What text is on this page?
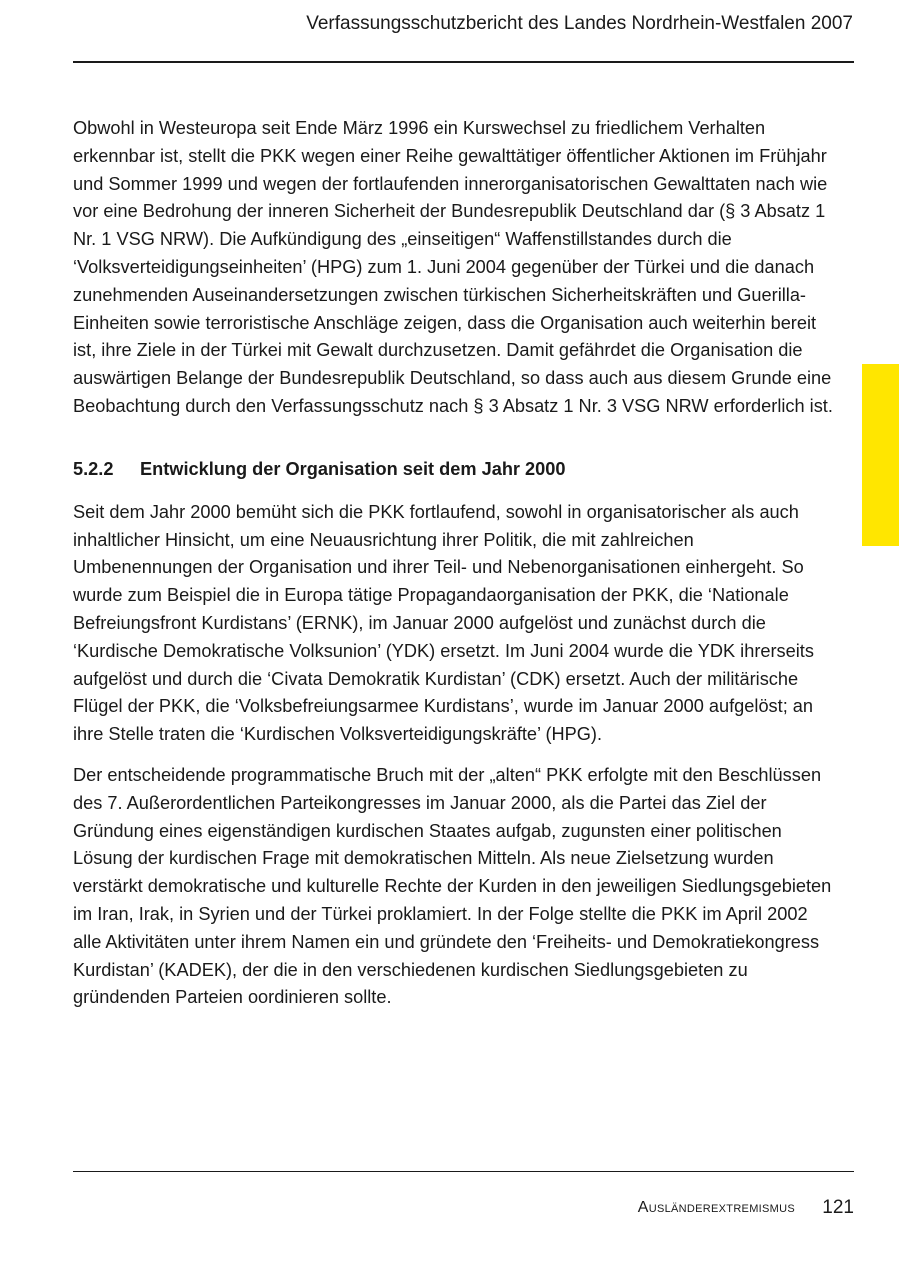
Verfassungsschutzbericht des Landes Nordrhein-Westfalen 2007

Obwohl in Westeuropa seit Ende März 1996 ein Kurswechsel zu friedlichem Verhalten erkennbar ist, stellt die PKK wegen einer Reihe gewalttätiger öffentlicher Aktionen im Frühjahr und Sommer 1999 und wegen der fortlaufenden innerorganisatorischen Gewalttaten nach wie vor eine Bedrohung der inneren Sicherheit der Bundesrepublik Deutschland dar (§ 3 Absatz 1 Nr. 1 VSG NRW). Die Aufkündigung des „einseitigen“ Waffenstillstandes durch die ‘Volksverteidigungseinheiten’ (HPG) zum 1. Juni 2004 gegenüber der Türkei und die danach zunehmenden Auseinandersetzungen zwischen türkischen Sicherheitskräften und Guerilla-Einheiten sowie terroristische Anschläge zeigen, dass die Organisation auch weiterhin bereit ist, ihre Ziele in der Türkei mit Gewalt durchzusetzen. Damit gefährdet die Organisation die auswärtigen Belange der Bundesrepublik Deutschland, so dass auch aus diesem Grunde eine Beobachtung durch den Verfassungsschutz nach § 3 Absatz 1 Nr. 3 VSG NRW erforderlich ist.

5.2.2 Entwicklung der Organisation seit dem Jahr 2000

Seit dem Jahr 2000 bemüht sich die PKK fortlaufend, sowohl in organisatorischer als auch inhaltlicher Hinsicht, um eine Neuausrichtung ihrer Politik, die mit zahlreichen Umbenennungen der Organisation und ihrer Teil- und Nebenorganisationen einhergeht. So wurde zum Beispiel die in Europa tätige Propagandaorganisation der PKK, die ‘Nationale Befreiungsfront Kurdistans’ (ERNK), im Januar 2000 aufgelöst und zunächst durch die ‘Kurdische Demokratische Volksunion’ (YDK) ersetzt. Im Juni 2004 wurde die YDK ihrerseits aufgelöst und durch die ‘Civata Demokratik Kurdistan’ (CDK) ersetzt. Auch der militärische Flügel der PKK, die ‘Volksbefreiungsarmee Kurdistans’, wurde im Januar 2000 aufgelöst; an ihre Stelle traten die ‘Kurdischen Volksverteidigungskräfte’ (HPG).

Der entscheidende programmatische Bruch mit der „alten“ PKK erfolgte mit den Beschlüssen des 7. Außerordentlichen Parteikongresses im Januar 2000, als die Partei das Ziel der Gründung eines eigenständigen kurdischen Staates aufgab, zugunsten einer politischen Lösung der kurdischen Frage mit demokratischen Mitteln. Als neue Zielsetzung wurden verstärkt demokratische und kulturelle Rechte der Kurden in den jeweiligen Siedlungsgebieten im Iran, Irak, in Syrien und der Türkei proklamiert. In der Folge stellte die PKK im April 2002 alle Aktivitäten unter ihrem Namen ein und gründete den ‘Freiheits- und Demokratiekongress Kurdistan’ (KADEK), der die in den verschiedenen kurdischen Siedlungsgebieten zu gründenden Parteien oordinieren sollte.

Ausländerextremismus 121
